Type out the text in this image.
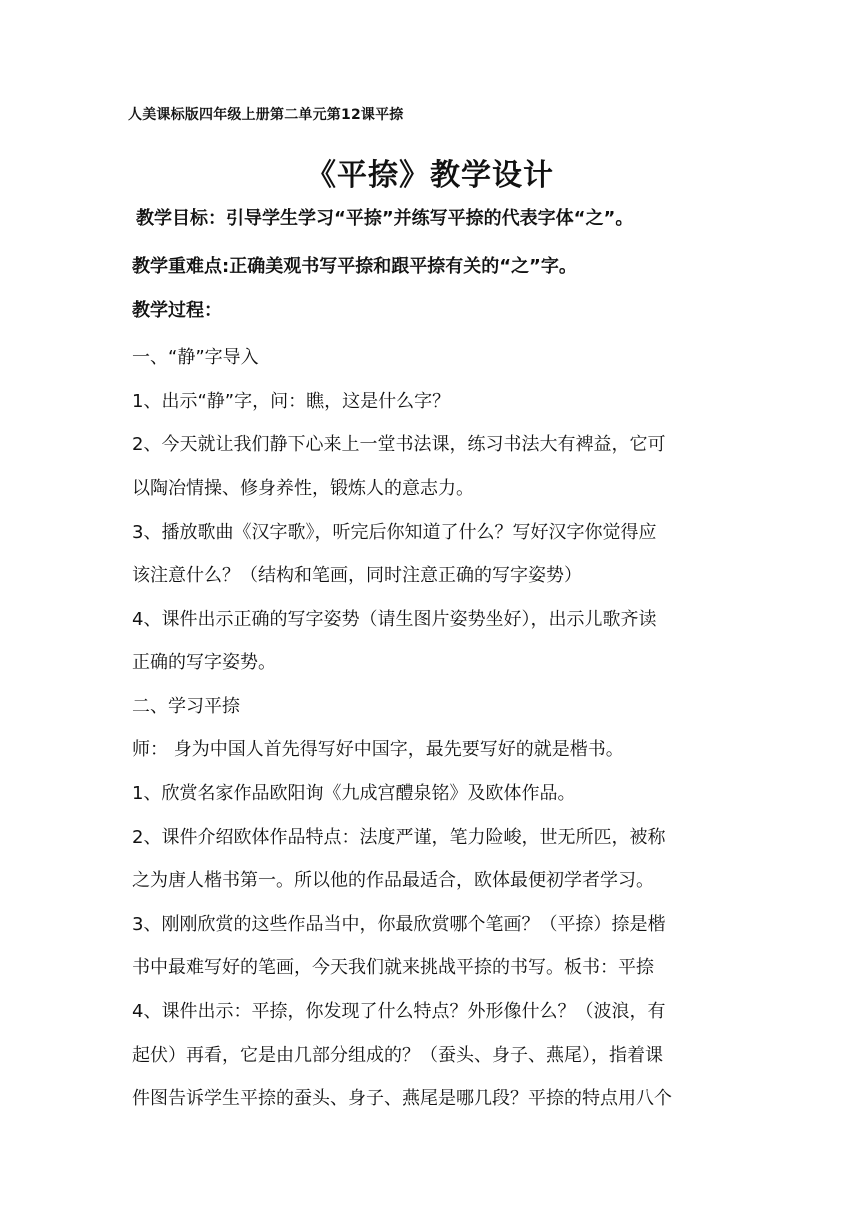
人美课标版四年级上册第二单元第12课平捺
《平捺》教学设计
教学目标：引导学生学习“平捺”并练写平捺的代表字体“之”。
教学重难点:正确美观书写平捺和跟平捺有关的“之”字。
教学过程：
一、“静”字导入
1、出示“静”字，问：瞧，这是什么字？
2、今天就让我们静下心来上一堂书法课，练习书法大有裨益，它可
以陶冶情操、修身养性，锻炼人的意志力。
3、播放歌曲《汉字歌》，听完后你知道了什么？写好汉字你觉得应
该注意什么？（结构和笔画，同时注意正确的写字姿势）
4、课件出示正确的写字姿势（请生图片姿势坐好），出示儿歌齐读
正确的写字姿势。
二、学习平捺
师： 身为中国人首先得写好中国字，最先要写好的就是楷书。
1、欣赏名家作品欧阳询《九成宫醴泉铭》及欧体作品。
2、课件介绍欧体作品特点：法度严谨，笔力险峻，世无所匹，被称
之为唐人楷书第一。所以他的作品最适合，欧体最便初学者学习。
3、刚刚欣赏的这些作品当中，你最欣赏哪个笔画？（平捺）捺是楷
书中最难写好的笔画，今天我们就来挑战平捺的书写。板书：平捺
4、课件出示：平捺，你发现了什么特点？外形像什么？（波浪，有
起伏）再看，它是由几部分组成的？（蚕头、身子、燕尾），指着课
件图告诉学生平捺的蚕头、身子、燕尾是哪几段？平捺的特点用八个
